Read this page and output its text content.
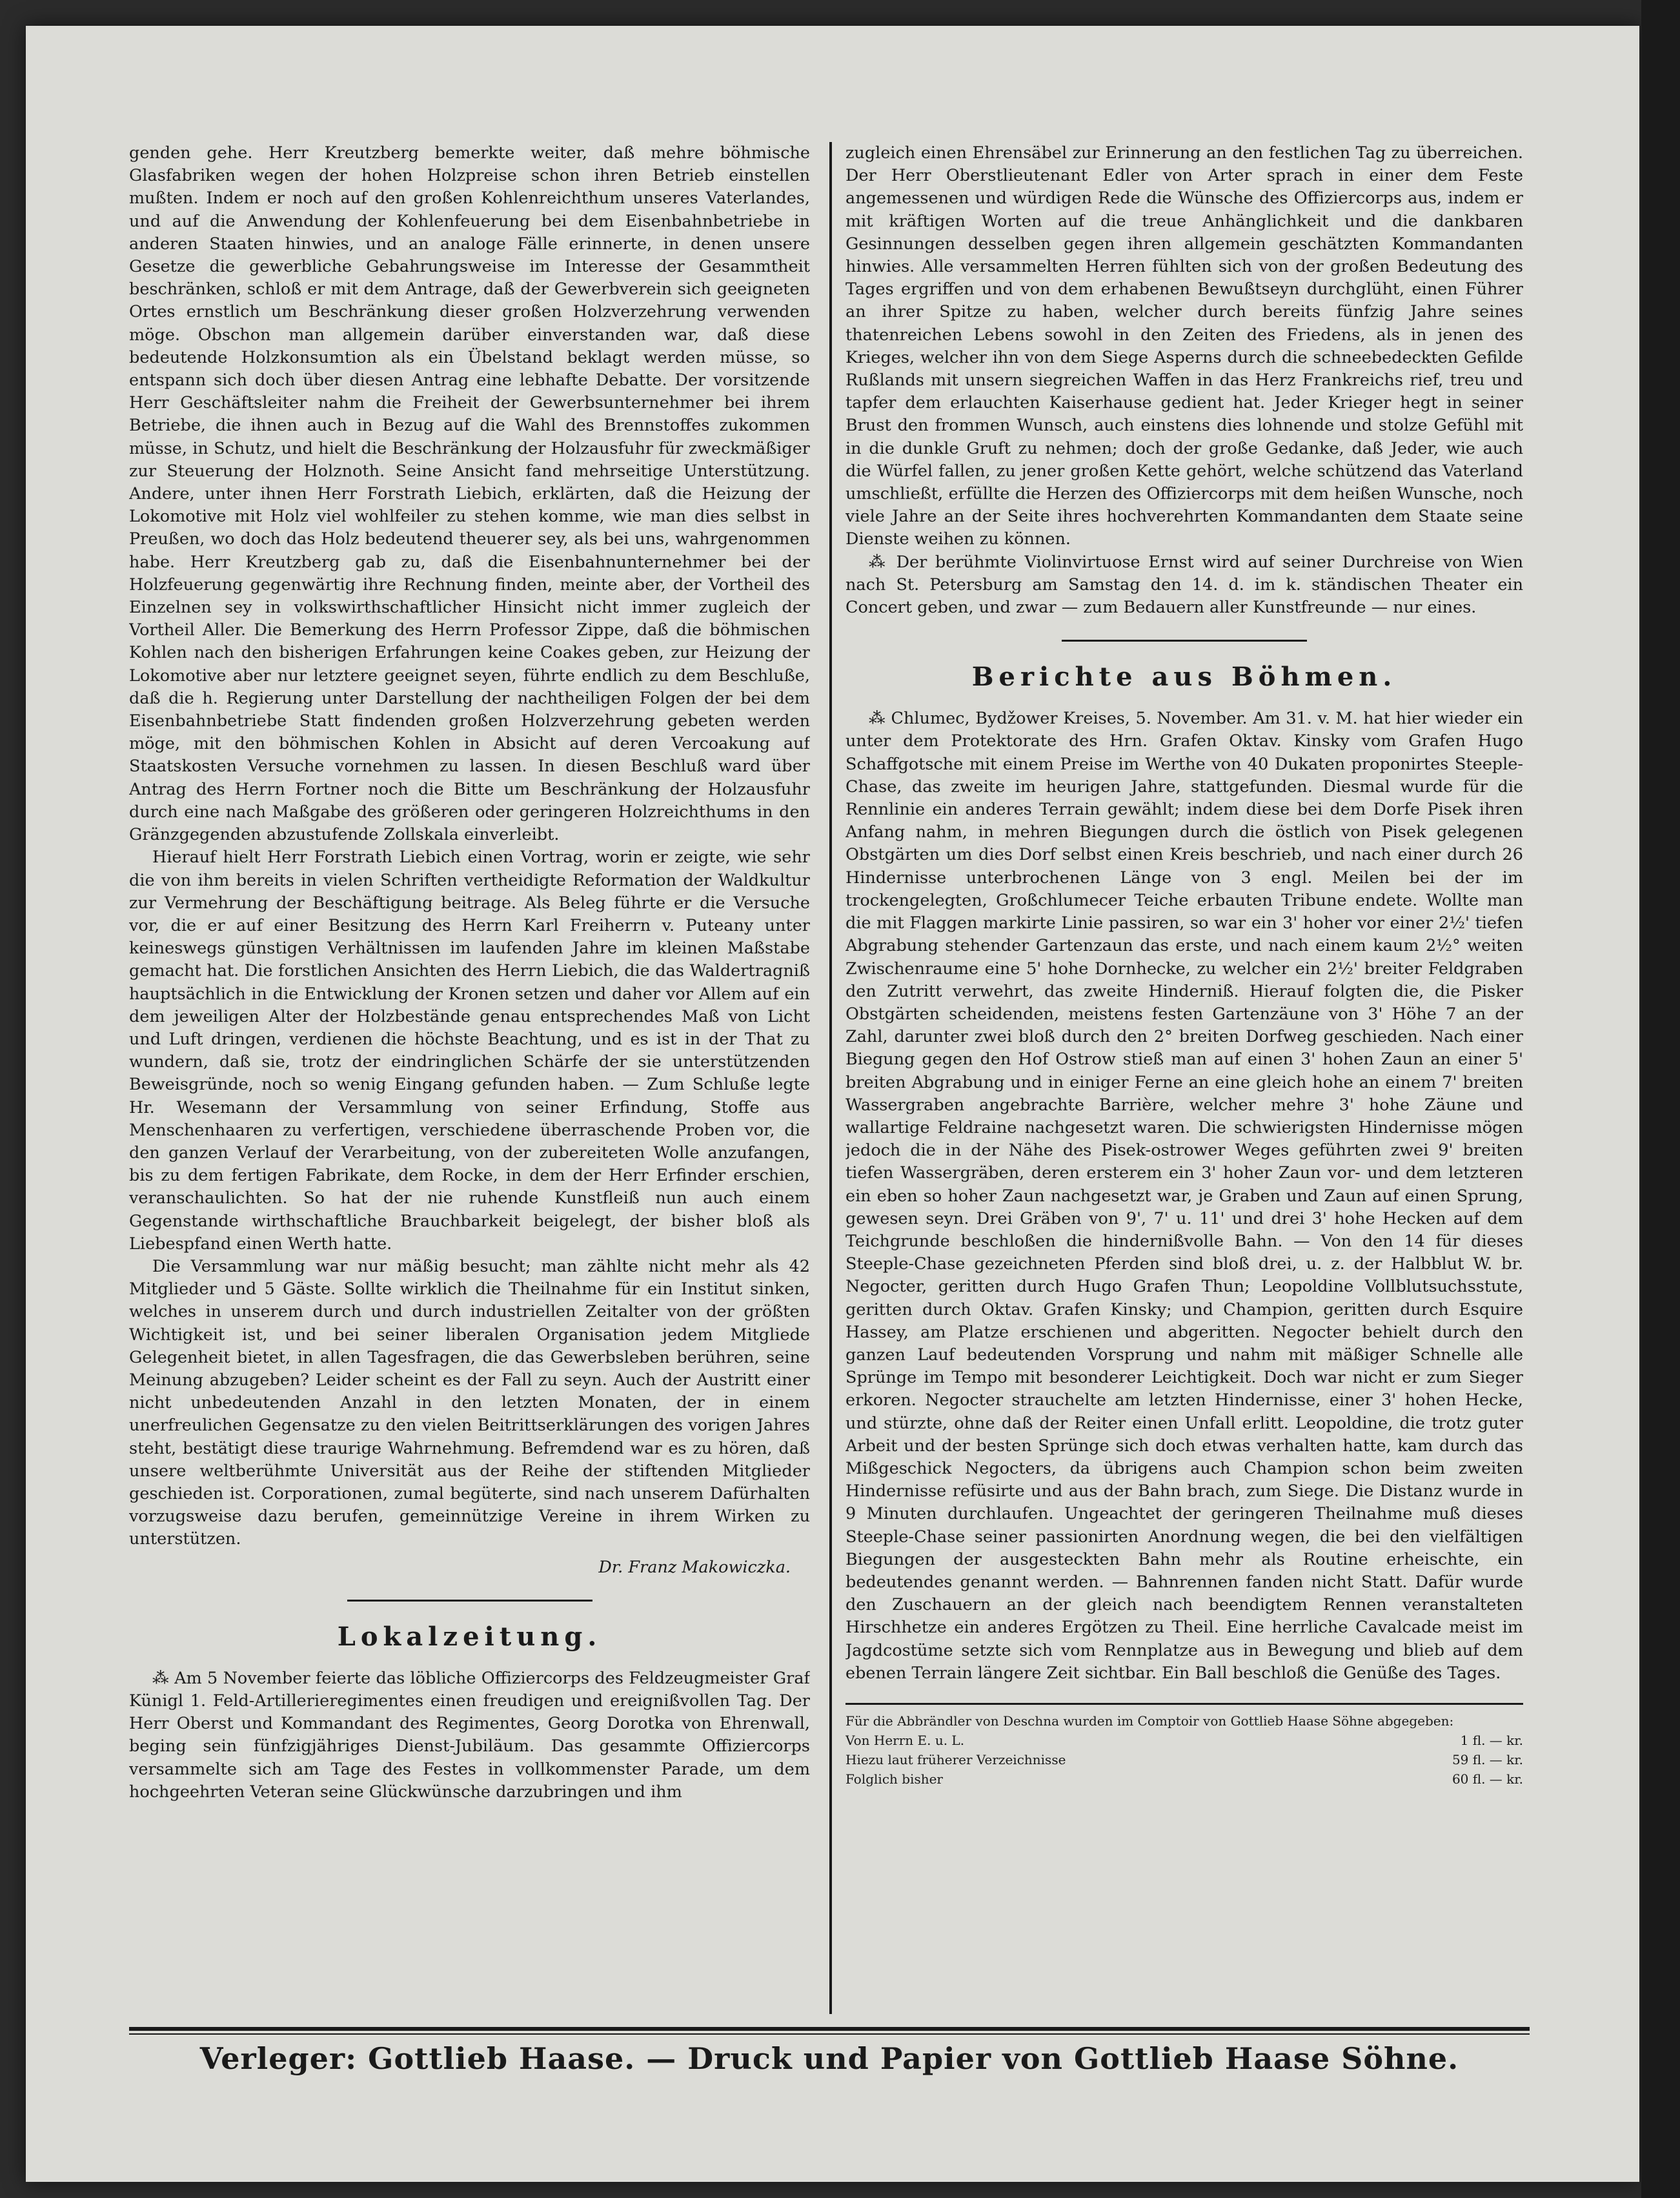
genden gehe. Herr Kreutzberg bemerkte weiter, daß mehre böhmische Glasfabriken wegen der hohen Holzpreise schon ihren Betrieb einstellen mußten. Indem er noch auf den großen Kohlenreichthum unseres Vaterlandes, und auf die Anwendung der Kohlenfeuerung bei dem Eisenbahnbetriebe in anderen Staaten hinwies, und an analoge Fälle erinnerte, in denen unsere Gesetze die gewerbliche Gebahrungsweise im Interesse der Gesammtheit beschränken, schloß er mit dem Antrage, daß der Gewerbverein sich geeigneten Ortes ernstlich um Beschränkung dieser großen Holzverzehrung verwenden möge. Obschon man allgemein darüber einverstanden war, daß diese bedeutende Holzkonsumtion als ein Übelstand beklagt werden müsse, so entspann sich doch über diesen Antrag eine lebhafte Debatte. Der vorsitzende Herr Geschäftsleiter nahm die Freiheit der Gewerbsunternehmer bei ihrem Betriebe, die ihnen auch in Bezug auf die Wahl des Brennstoffes zukommen müsse, in Schutz, und hielt die Beschränkung der Holzausfuhr für zweckmäßiger zur Steuerung der Holznoth. Seine Ansicht fand mehrseitige Unterstützung. Andere, unter ihnen Herr Forstrath Liebich, erklärten, daß die Heizung der Lokomotive mit Holz viel wohlfeiler zu stehen komme, wie man dies selbst in Preußen, wo doch das Holz bedeutend theuerer sey, als bei uns, wahrgenommen habe. Herr Kreutzberg gab zu, daß die Eisenbahnunternehmer bei der Holzfeuerung gegenwärtig ihre Rechnung finden, meinte aber, der Vortheil des Einzelnen sey in volkswirthschaftlicher Hinsicht nicht immer zugleich der Vortheil Aller. Die Bemerkung des Herrn Professor Zippe, daß die böhmischen Kohlen nach den bisherigen Erfahrungen keine Coakes geben, zur Heizung der Lokomotive aber nur letztere geeignet seyen, führte endlich zu dem Beschluße, daß die h. Regierung unter Darstellung der nachtheiligen Folgen der bei dem Eisenbahnbetriebe Statt findenden großen Holzverzehrung gebeten werden möge, mit den böhmischen Kohlen in Absicht auf deren Vercoakung auf Staatskosten Versuche vornehmen zu lassen. In diesen Beschluß ward über Antrag des Herrn Fortner noch die Bitte um Beschränkung der Holzausfuhr durch eine nach Maßgabe des größeren oder geringeren Holzreichthums in den Gränzgegenden abzustufende Zollskala einverleibt.

Hierauf hielt Herr Forstrath Liebich einen Vortrag, worin er zeigte, wie sehr die von ihm bereits in vielen Schriften vertheidigte Reformation der Waldkultur zur Vermehrung der Beschäftigung beitrage. Als Beleg führte er die Versuche vor, die er auf einer Besitzung des Herrn Karl Freiherrn v. Puteany unter keineswegs günstigen Verhältnissen im laufenden Jahre im kleinen Maßstabe gemacht hat. Die forstlichen Ansichten des Herrn Liebich, die das Waldertragniß hauptsächlich in die Entwicklung der Kronen setzen und daher vor Allem auf ein dem jeweiligen Alter der Holzbestände genau entsprechendes Maß von Licht und Luft dringen, verdienen die höchste Beachtung, und es ist in der That zu wundern, daß sie, trotz der eindringlichen Schärfe der sie unterstützenden Beweisgründe, noch so wenig Eingang gefunden haben. — Zum Schluße legte Hr. Wesemann der Versammlung von seiner Erfindung, Stoffe aus Menschenhaaren zu verfertigen, verschiedene überraschende Proben vor, die den ganzen Verlauf der Verarbeitung, von der zubereiteten Wolle anzufangen, bis zu dem fertigen Fabrikate, dem Rocke, in dem der Herr Erfinder erschien, veranschaulichten. So hat der nie ruhende Kunstfleiß nun auch einem Gegenstande wirthschaftliche Brauchbarkeit beigelegt, der bisher bloß als Liebespfand einen Werth hatte.

Die Versammlung war nur mäßig besucht; man zählte nicht mehr als 42 Mitglieder und 5 Gäste. Sollte wirklich die Theilnahme für ein Institut sinken, welches in unserem durch und durch industriellen Zeitalter von der größten Wichtigkeit ist, und bei seiner liberalen Organisation jedem Mitgliede Gelegenheit bietet, in allen Tagesfragen, die das Gewerbsleben berühren, seine Meinung abzugeben? Leider scheint es der Fall zu seyn. Auch der Austritt einer nicht unbedeutenden Anzahl in den letzten Monaten, der in einem unerfreulichen Gegensatze zu den vielen Beitrittserklärungen des vorigen Jahres steht, bestätigt diese traurige Wahrnehmung. Befremdend war es zu hören, daß unsere weltberühmte Universität aus der Reihe der stiftenden Mitglieder geschieden ist. Corporationen, zumal begüterte, sind nach unserem Dafürhalten vorzugsweise dazu berufen, gemeinnützige Vereine in ihrem Wirken zu unterstützen.

Dr. Franz Makowiczka.
Lokalzeitung.

⁂ Am 5 November feierte das löbliche Offiziercorps des Feldzeugmeister Graf Künigl 1. Feld-Artillerieregimentes einen freudigen und ereignißvollen Tag. Der Herr Oberst und Kommandant des Regimentes, Georg Dorotka von Ehrenwall, beging sein fünfzigjähriges Dienst-Jubiläum. Das gesammte Offiziercorps versammelte sich am Tage des Festes in vollkommenster Parade, um dem hochgeehrten Veteran seine Glückwünsche darzubringen und ihm

zugleich einen Ehrensäbel zur Erinnerung an den festlichen Tag zu überreichen. Der Herr Oberstlieutenant Edler von Arter sprach in einer dem Feste angemessenen und würdigen Rede die Wünsche des Offiziercorps aus, indem er mit kräftigen Worten auf die treue Anhänglichkeit und die dankbaren Gesinnungen desselben gegen ihren allgemein geschätzten Kommandanten hinwies. Alle versammelten Herren fühlten sich von der großen Bedeutung des Tages ergriffen und von dem erhabenen Bewußtseyn durchglüht, einen Führer an ihrer Spitze zu haben, welcher durch bereits fünfzig Jahre seines thatenreichen Lebens sowohl in den Zeiten des Friedens, als in jenen des Krieges, welcher ihn von dem Siege Asperns durch die schneebedeckten Gefilde Rußlands mit unsern siegreichen Waffen in das Herz Frankreichs rief, treu und tapfer dem erlauchten Kaiserhause gedient hat. Jeder Krieger hegt in seiner Brust den frommen Wunsch, auch einstens dies lohnende und stolze Gefühl mit in die dunkle Gruft zu nehmen; doch der große Gedanke, daß Jeder, wie auch die Würfel fallen, zu jener großen Kette gehört, welche schützend das Vaterland umschließt, erfüllte die Herzen des Offiziercorps mit dem heißen Wunsche, noch viele Jahre an der Seite ihres hochverehrten Kommandanten dem Staate seine Dienste weihen zu können.

⁂ Der berühmte Violinvirtuose Ernst wird auf seiner Durchreise von Wien nach St. Petersburg am Samstag den 14. d. im k. ständischen Theater ein Concert geben, und zwar — zum Bedauern aller Kunstfreunde — nur eines.

Berichte aus Böhmen.

⁂ Chlumec, Bydžower Kreises, 5. November. Am 31. v. M. hat hier wieder ein unter dem Protektorate des Hrn. Grafen Oktav. Kinsky vom Grafen Hugo Schaffgotsche mit einem Preise im Werthe von 40 Dukaten proponirtes Steeple-Chase, das zweite im heurigen Jahre, stattgefunden. Diesmal wurde für die Rennlinie ein anderes Terrain gewählt; indem diese bei dem Dorfe Pisek ihren Anfang nahm, in mehren Biegungen durch die östlich von Pisek gelegenen Obstgärten um dies Dorf selbst einen Kreis beschrieb, und nach einer durch 26 Hindernisse unterbrochenen Länge von 3 engl. Meilen bei der im trockengelegten, Großchlumecer Teiche erbauten Tribune endete. Wollte man die mit Flaggen markirte Linie passiren, so war ein 3' hoher vor einer 2½' tiefen Abgrabung stehender Gartenzaun das erste, und nach einem kaum 2½° weiten Zwischenraume eine 5' hohe Dornhecke, zu welcher ein 2½' breiter Feldgraben den Zutritt verwehrt, das zweite Hinderniß. Hierauf folgten die, die Pisker Obstgärten scheidenden, meistens festen Gartenzäune von 3' Höhe 7 an der Zahl, darunter zwei bloß durch den 2° breiten Dorfweg geschieden. Nach einer Biegung gegen den Hof Ostrow stieß man auf einen 3' hohen Zaun an einer 5' breiten Abgrabung und in einiger Ferne an eine gleich hohe an einem 7' breiten Wassergraben angebrachte Barrière, welcher mehre 3' hohe Zäune und wallartige Feldraine nachgesetzt waren. Die schwierigsten Hindernisse mögen jedoch die in der Nähe des Pisek-ostrower Weges geführten zwei 9' breiten tiefen Wassergräben, deren ersterem ein 3' hoher Zaun vor- und dem letzteren ein eben so hoher Zaun nachgesetzt war, je Graben und Zaun auf einen Sprung, gewesen seyn. Drei Gräben von 9', 7' u. 11' und drei 3' hohe Hecken auf dem Teichgrunde beschloßen die hindernißvolle Bahn. — Von den 14 für dieses Steeple-Chase gezeichneten Pferden sind bloß drei, u. z. der Halbblut W. br. Negocter, geritten durch Hugo Grafen Thun; Leopoldine Vollblutsuchsstute, geritten durch Oktav. Grafen Kinsky; und Champion, geritten durch Esquire Hassey, am Platze erschienen und abgeritten. Negocter behielt durch den ganzen Lauf bedeutenden Vorsprung und nahm mit mäßiger Schnelle alle Sprünge im Tempo mit besonderer Leichtigkeit. Doch war nicht er zum Sieger erkoren. Negocter strauchelte am letzten Hindernisse, einer 3' hohen Hecke, und stürzte, ohne daß der Reiter einen Unfall erlitt. Leopoldine, die trotz guter Arbeit und der besten Sprünge sich doch etwas verhalten hatte, kam durch das Mißgeschick Negocters, da übrigens auch Champion schon beim zweiten Hindernisse refüsirte und aus der Bahn brach, zum Siege. Die Distanz wurde in 9 Minuten durchlaufen. Ungeachtet der geringeren Theilnahme muß dieses Steeple-Chase seiner passionirten Anordnung wegen, die bei den vielfältigen Biegungen der ausgesteckten Bahn mehr als Routine erheischte, ein bedeutendes genannt werden. — Bahnrennen fanden nicht Statt. Dafür wurde den Zuschauern an der gleich nach beendigtem Rennen veranstalteten Hirschhetze ein anderes Ergötzen zu Theil. Eine herrliche Cavalcade meist im Jagdcostüme setzte sich vom Rennplatze aus in Bewegung und blieb auf dem ebenen Terrain längere Zeit sichtbar. Ein Ball beschloß die Genüße des Tages.

Für die Abbrändler von Deschna wurden im Comptoir von Gottlieb Haase Söhne abgegeben:
Von Herrn E. u. L.	1 fl. — kr.
Hiezu laut früherer Verzeichnisse	59 fl. — kr.
Folglich bisher	60 fl. — kr.
Verleger: Gottlieb Haase. — Druck und Papier von Gottlieb Haase Söhne.
